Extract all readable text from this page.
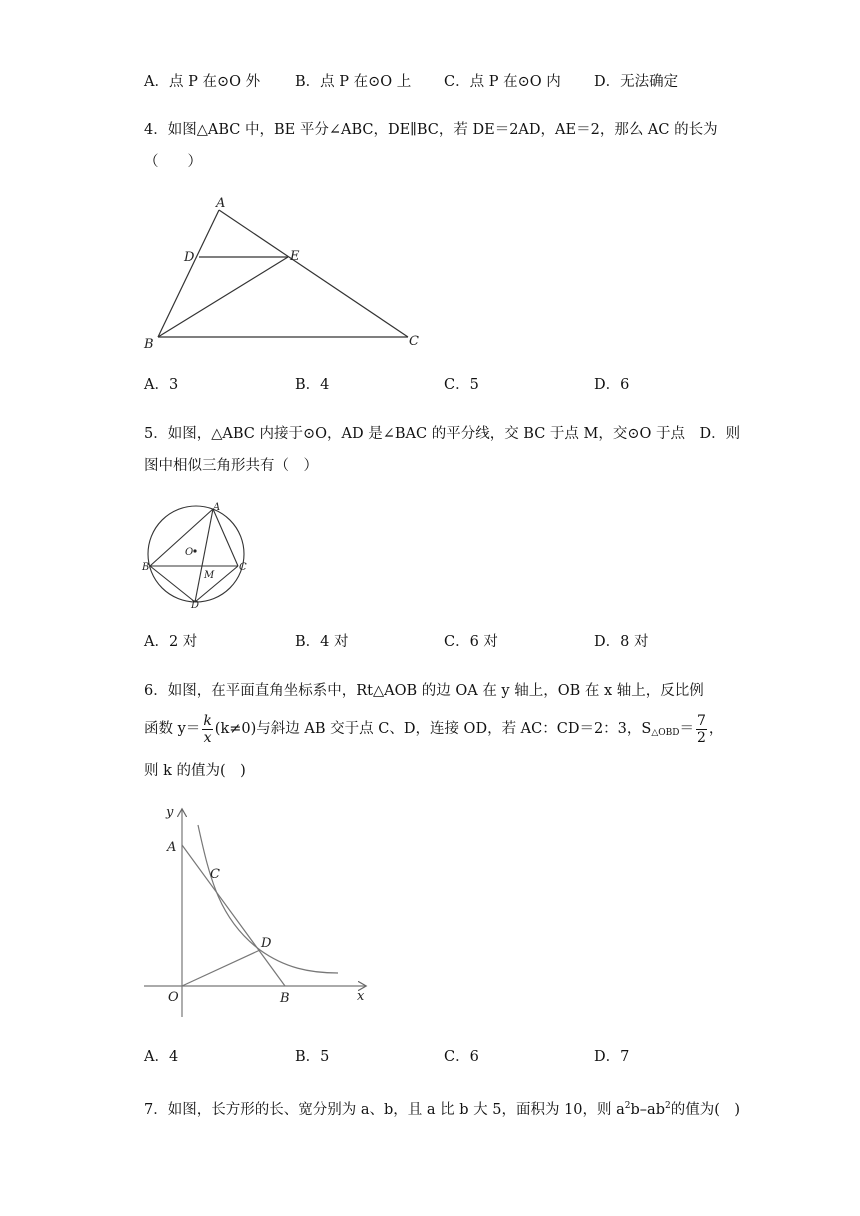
A．点 P 在⊙O 外 B．点 P 在⊙O 上 C．点 P 在⊙O 内 D．无法确定
4．如图△ABC 中，BE 平分∠ABC，DE∥BC，若 DE＝2AD，AE＝2，那么 AC 的长为
（　　）
A
D	E
B	C
A．3	B．4	C．5	D．6
5．如图，△ABC 内接于⊙O，AD 是∠BAC 的平分线，交 BC 于点 M，交⊙O 于点　D．则
图中相似三角形共有（　）
A
B	C
D
O
M
A．2 对	B．4 对	C．6 对	D．8 对
6．如图，在平面直角坐标系中，Rt△AOB 的边 OA 在 y 轴上，OB 在 x 轴上，反比例
函数 $y= \frac{k}{x} (k\ne 0)$与斜边 AB 交于点 C、D，连接 OD，若 AC：CD＝2：3，$S_{\triangle OBD}= \frac{7}{2}$ ，
则 k 的值为(　)
y
x
A
C
D
O	B
A．4	B．5	C．6	D．7
7．如图，长方形的长、宽分别为 a、b，且 a 比 b 大 5，面积为 10，则 $a^2b-ab^2$的值为(　)
